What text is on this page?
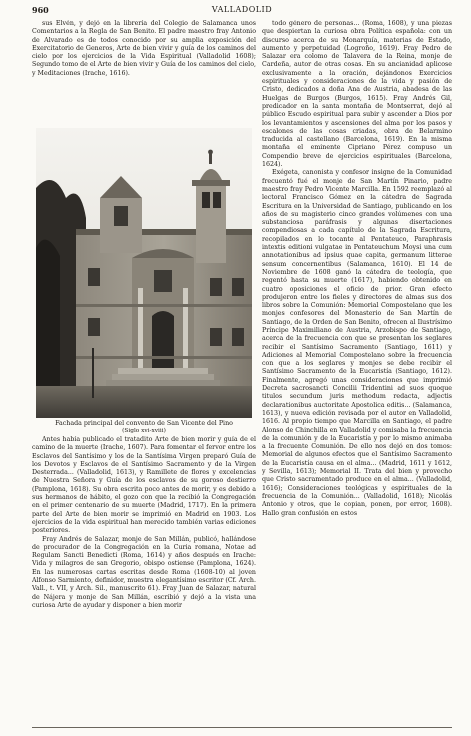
960	VALLADOLID

sus Elvén, y dejó en la librería del Colegio de Salamanca unos Comentarios a la Regla de San Benito. El padre maestro fray Antonio de Alvarado es de todos conocido por su amplia exposición del Exercitatorio de Generos, Arte de bien vivir y guía de los caminos del cielo por los ejercicios de la Vida Espiritual (Valladolid 1608); Segundo tomo de el Arte de bien vivir y Guía de los caminos del cielo, y Meditaciones (Irache, 1616).

Fachada principal del convento de San Vicente del Pino
(Siglo xvi-xviii)

todo género de personas... (Roma, 1608), y una piezas que despiertan la curiosa obra Política española: con un discurso acerca de su Monarquía, materias de Estado, aumento y perpetuidad (Logroño, 1619). Fray Pedro de Salazar era colomo de Talavera de la Reina, monje de Cardeña, autor de otras cosas. En su ancianidad aplicose exclusivamente a la oración, dejándonos Exercicios espirituales y consideraciones de la vida y pasión de Cristo, dedicados a doña Ana de Austria, abadesa de las Huelgas de Burgos (Burgos, 1615). Fray Andrés Gil, predicador en la santa montaña de Montserrat, dejó al público Escudo espiritual para subir y ascender a Dios por los levantamientos y ascensiones del alma por los pasos y escalones de las cosas criadas, obra de Belarmino traducida al castellano (Barcelona, 1619). En la misma montaña el eminente Cipriano Pérez compuso un Compendio breve de ejercicios espirituales (Barcelona, 1624).

Exégeta, canonista y confesor insigne de la Comunidad frecuentó fué el monje de San Martín Pinario, padre maestro fray Pedro Vicente Marcilla. En 1592 reemplazó al lectoral Francisco Gómez en la cátedra de Sagrada Escritura en la Universidad de Santiago, publicando en los años de su magisterio cinco grandes volúmenes con una substanciosa paráfrasis y algunas disertaciones compendiosas a cada capítulo de la Sagrada Escritura, recopilados en lo tocante al Pentateuco, Paraphrasis intextis editioni vulgatae in Pentateuchum Moysi una cum annotationibus ad ipsius quae capita, germanum litterae sensum concernentibus (Salamanca, 1610). El 14 de Noviembre de 1608 ganó la cátedra de teología, que regentó hasta su muerte (1617), habiendo obtenido en cuatro oposiciones el oficio de prior. Gran efecto produjeron entre los fieles y directores de almas sus dos libros sobre la Comunión: Memorial Compostelano que les monjes confesores del Monasterio de San Martín de Santiago, de la Orden de San Benito, ofrecen al Ilustrísimo Príncipe Maximiliano de Austria, Arzobispo de Santiago, acerca de la frecuencia con que se presentan los seglares recibir el Santísimo Sacramento (Santiago, 1611) y Adiciones al Memorial Compostelano sobre la frecuencia con que a los seglares y monjes se debe recibir el Santísimo Sacramento de la Eucaristía (Santiago, 1612). Finalmente, agregó unas consideraciones que imprimió Decreta sacrosancti Concilii Tridentini ad suos quoque titulos secundum juris methodum redacta, adjectis declarationibus auctoritate Apostolica editis... (Salamanca, 1613), y nueva edición revisada por el autor en Valladolid, 1616. Al propio tiempo que Marcilla en Santiago, el padre Alonso de Chinchilla en Valladolid y comisaba la frecuencia de la comunión y de la Eucaristía y por lo mismo animaba a la frecuente Comunión. De ello nos dejó en dos tomos: Memorial de algunos efectos que el Santísimo Sacramento de la Eucaristía causa en el alma... (Madrid, 1611 y 1612, y Sevilla, 1613); Memorial II. Trata del bien y provecho que Cristo sacramentado produce en el alma... (Valladolid, 1616); Consideraciones teológicas y espirituales de la frecuencia de la Comunión... (Valladolid, 1618); Nicolás Antonio y otros, que le copian, ponen, por error, 1608). Hallo gran confusión en estos

Antes había publicado el tratadito Arte de bien morir y guía de el camino de la muerte (Irache, 1607). Para fomentar el fervor entre los Esclavos del Santísimo y los de la Santísima Virgen preparó Guía de los Devotos y Esclavos de el Santísimo Sacramento y de la Virgen Desterrada... (Valladolid, 1613), y Ramillete de flores y excelencias de Nuestra Señora y Guía de los esclavos de su goroso destierro (Pamplona, 1618). Su obra escrita poco antes de morir, y es debido a sus hermanos de hábito, el gozo con que la recibió la Congregación en el primer centenario de su muerte (Madrid, 1717). En la primera parte del Arte de bien morir se imprimió en Madrid en 1903. Los ejercicios de la vida espiritual han merecido también varias ediciones posteriores.

Fray Andrés de Salazar, monje de San Millán, publicó, hallándose de procurador de la Congregación en la Curia romana, Notae ad Regulam Sancti Benedicti (Roma, 1614) y años después en Irache: Vida y milagros de san Gregorio, obispo ostiense (Pamplona, 1624). En las numerosas cartas escritas desde Roma (1608-10) al joven Alfonso Sarmiento, definidor, muestra elegantísimo escritor (Cf. Arch. Vall., t. VII, y Arch. Sil., manuscrito 61). Fray Juan de Salazar, natural de Nájera y monje de San Millán, escribió y dejó a la vista una curiosa Arte de ayudar y disponer a bien morir
